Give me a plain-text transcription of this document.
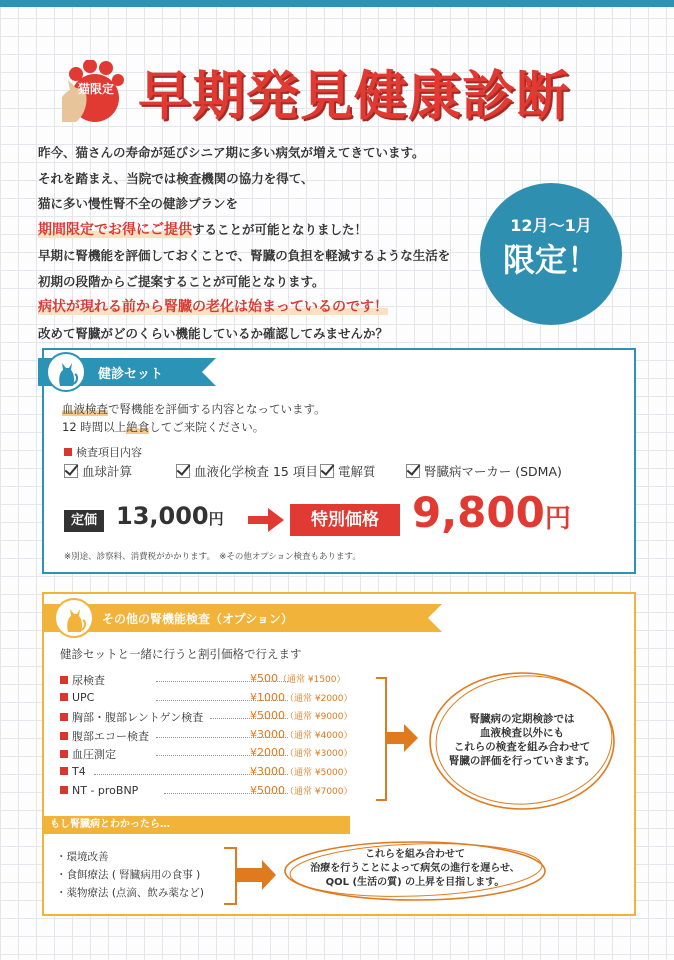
猫限定 早期発見健康診断

昨今、猫さんの寿命が延びシニア期に多い病気が増えてきています。

それを踏まえ、当院では検査機関の協力を得て、

猫に多い慢性腎不全の健診プランを

期間限定でお得にご提供することが可能となりました！

早期に腎機能を評価しておくことで、腎臓の負担を軽減するような生活を

初期の段階からご提案することが可能となります。

病状が現れる前から腎臓の老化は始まっているのです！

改めて腎臓がどのくらい機能しているか確認してみませんか？

12月～1月
限定！
健診セット
血液検査で腎機能を評価する内容となっています。
12 時間以上絶食してご来院ください。
検査項目内容
血球計算	血液化学検査 15 項目	電解質	腎臓病マーカー (SDMA)
定価 13,000円	特別価格 9,800円
※別途、診察料、消費税がかかります。　※その他オプション検査もあります。
その他の腎機能検査（オプション）
健診セットと一緒に行うと割引価格で行えます
尿検査	¥500（通常 ¥1500）
UPC	¥1000（通常 ¥2000）
胸部・腹部レントゲン検査	¥5000（通常 ¥9000）
腹部エコー検査	¥3000（通常 ¥4000）
血圧測定	¥2000（通常 ¥3000）
T4	¥3000（通常 ¥5000）
NT - proBNP	¥5000（通常 ¥7000）
腎臓病の定期検診では
血液検査以外にも
これらの検査を組み合わせて
腎臓の評価を行っていきます。
もし腎臓病とわかったら…
・環境改善
・食餌療法 ( 腎臓病用の食事 )
・薬物療法 (点滴、飲み薬など)
これらを組み合わせて
治療を行うことによって病気の進行を遅らせ、
QOL (生活の質) の上昇を目指します。
